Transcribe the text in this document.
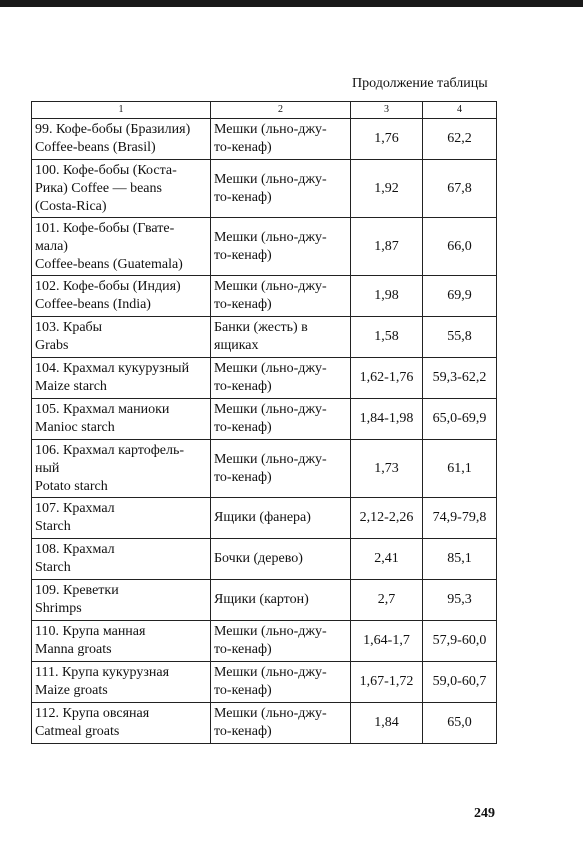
Продолжение таблицы
1	2	3	4
99. Кофе-бобы (Бразилия)
Coffee-beans (Brasil)	Мешки (льно-джу-
то-кенаф)	1,76	62,2
100. Кофе-бобы (Коста-
Рика) Coffee — beans
(Costa-Rica)	Мешки (льно-джу-
то-кенаф)	1,92	67,8
101. Кофе-бобы (Гвате-
мала)
Coffee-beans (Guatemala)	Мешки (льно-джу-
то-кенаф)	1,87	66,0
102. Кофе-бобы (Индия)
Coffee-beans (India)	Мешки (льно-джу-
то-кенаф)	1,98	69,9
103. Крабы
Grabs	Банки (жесть) в
ящиках	1,58	55,8
104. Крахмал кукурузный
Maize starch	Мешки (льно-джу-
то-кенаф)	1,62-1,76	59,3-62,2
105. Крахмал маниоки
Manioc starch	Мешки (льно-джу-
то-кенаф)	1,84-1,98	65,0-69,9
106. Крахмал картофель-
ный
Potato starch	Мешки (льно-джу-
то-кенаф)	1,73	61,1
107. Крахмал
Starch	Ящики (фанера)	2,12-2,26	74,9-79,8
108. Крахмал
Starch	Бочки (дерево)	2,41	85,1
109. Креветки
Shrimps	Ящики (картон)	2,7	95,3
110. Крупа манная
Manna groats	Мешки (льно-джу-
то-кенаф)	1,64-1,7	57,9-60,0
111. Крупа кукурузная
Maize groats	Мешки (льно-джу-
то-кенаф)	1,67-1,72	59,0-60,7
112. Крупа овсяная
Catmeal groats	Мешки (льно-джу-
то-кенаф)	1,84	65,0
249
